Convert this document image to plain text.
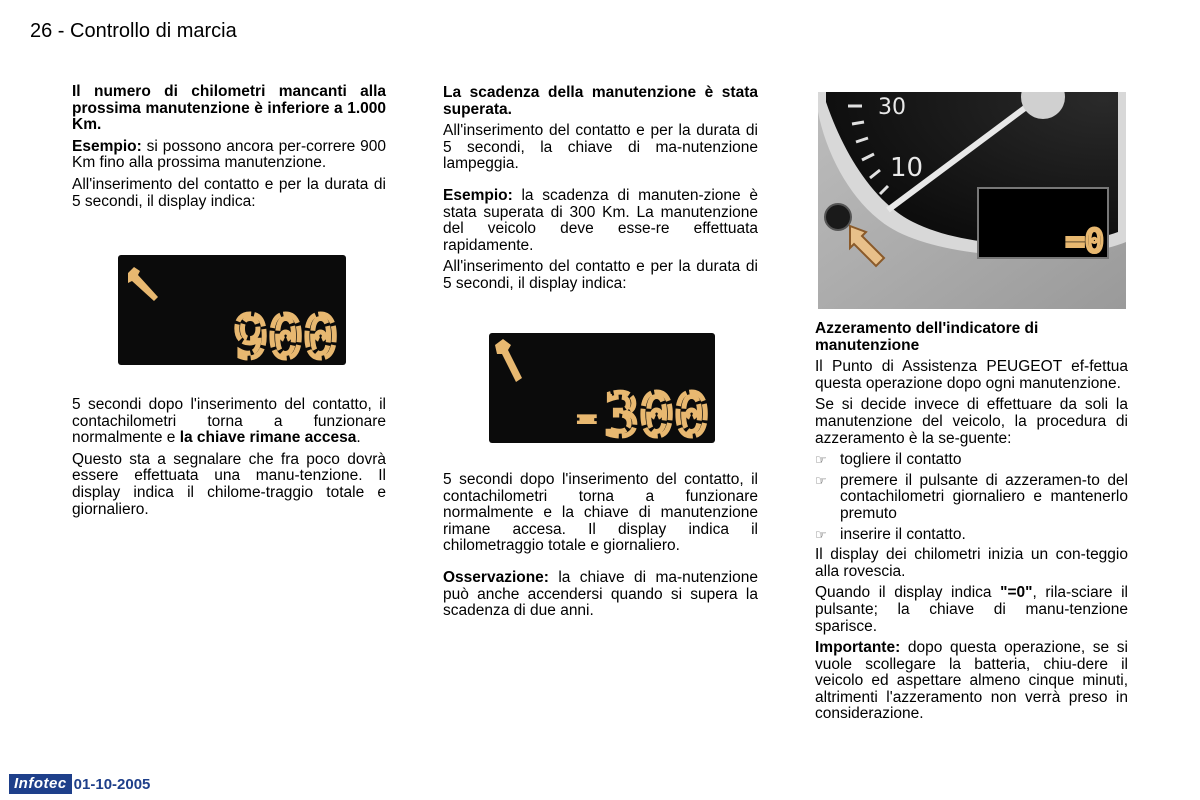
26 - Controllo di marcia

Il numero di chilometri mancanti alla prossima manutenzione è inferiore a 1.000 Km.

Esempio: si possono ancora per-correre 900 Km fino alla prossima manutenzione.

All'inserimento del contatto e per la durata di 5 secondi, il display indica:

900

5 secondi dopo l'inserimento del contatto, il contachilometri torna a funzionare normalmente e la chiave rimane accesa.

Questo sta a segnalare che fra poco dovrà essere effettuata una manu-tenzione. Il display indica il chilome-traggio totale e giornaliero.

La scadenza della manutenzione è stata superata.

All'inserimento del contatto e per la durata di 5 secondi, la chiave di ma-nutenzione lampeggia.

Esempio: la scadenza di manuten-zione è stata superata di 300 Km. La manutenzione del veicolo deve esse-re effettuata rapidamente.

All'inserimento del contatto e per la durata di 5 secondi, il display indica:

-300

5 secondi dopo l'inserimento del contatto, il contachilometri torna a funzionare normalmente e la chiave di manutenzione rimane accesa. Il display indica il chilometraggio totale e giornaliero.

Osservazione: la chiave di ma-nutenzione può anche accendersi quando si supera la scadenza di due anni.

30
10
=0

Azzeramento dell'indicatore di manutenzione

Il Punto di Assistenza PEUGEOT ef-fettua questa operazione dopo ogni manutenzione.

Se si decide invece di effettuare da soli la manutenzione del veicolo, la procedura di azzeramento è la se-guente:

☞ togliere il contatto
☞ premere il pulsante di azzeramen-to del contachilometri giornaliero e mantenerlo premuto
☞ inserire il contatto.

Il display dei chilometri inizia un con-teggio alla rovescia.

Quando il display indica "=0", rila-sciare il pulsante; la chiave di manu-tenzione sparisce.

Importante: dopo questa operazione, se si vuole scollegare la batteria, chiu-dere il veicolo ed aspettare almeno cinque minuti, altrimenti l'azzeramento non verrà preso in considerazione.

Infotec 01-10-2005
